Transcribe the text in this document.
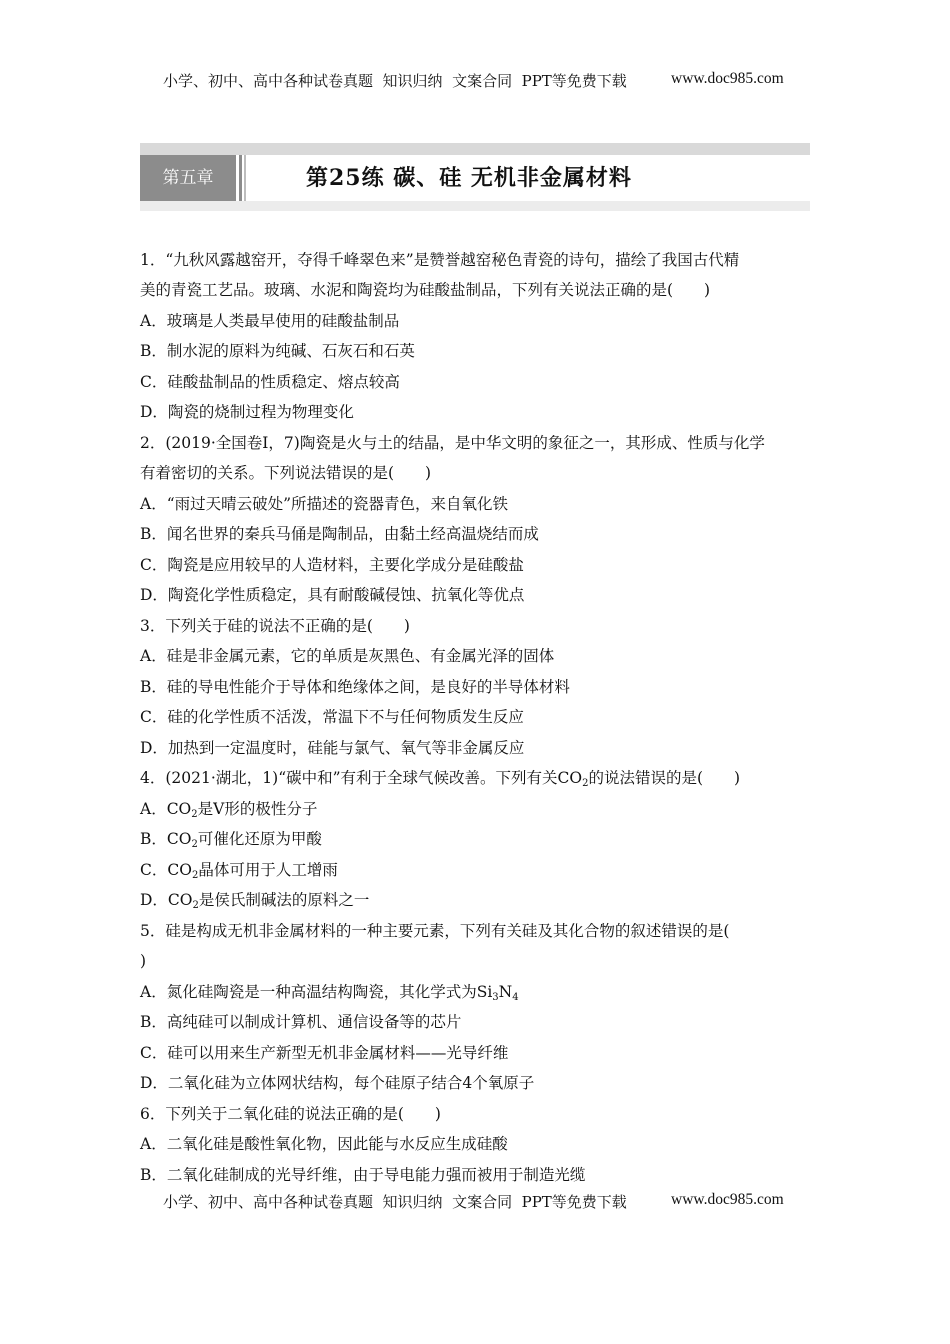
小学、初中、高中各种试卷真题  知识归纳  文案合同  PPT等免费下载

	www.doc985.com

第五章	第25练 碳、硅 无机非金属材料
1．“九秋风露越窑开，夺得千峰翠色来”是赞誉越窑秘色青瓷的诗句，描绘了我国古代精
美的青瓷工艺品。玻璃、水泥和陶瓷均为硅酸盐制品，下列有关说法正确的是(　　)
A．玻璃是人类最早使用的硅酸盐制品
B．制水泥的原料为纯碱、石灰石和石英
C．硅酸盐制品的性质稳定、熔点较高
D．陶瓷的烧制过程为物理变化
2．(2019·全国卷Ⅰ，7)陶瓷是火与土的结晶，是中华文明的象征之一，其形成、性质与化学
有着密切的关系。下列说法错误的是(　　)
A．“雨过天晴云破处”所描述的瓷器青色，来自氧化铁
B．闻名世界的秦兵马俑是陶制品，由黏土经高温烧结而成
C．陶瓷是应用较早的人造材料，主要化学成分是硅酸盐
D．陶瓷化学性质稳定，具有耐酸碱侵蚀、抗氧化等优点
3．下列关于硅的说法不正确的是(　　)
A．硅是非金属元素，它的单质是灰黑色、有金属光泽的固体
B．硅的导电性能介于导体和绝缘体之间，是良好的半导体材料
C．硅的化学性质不活泼，常温下不与任何物质发生反应
D．加热到一定温度时，硅能与氯气、氧气等非金属反应
4．(2021·湖北，1)“碳中和”有利于全球气候改善。下列有关$CO_2$的说法错误的是(　　)
A．$CO_2$是V形的极性分子
B．$CO_2$可催化还原为甲酸
C．$CO_2$晶体可用于人工增雨
D．$CO_2$是侯氏制碱法的原料之一
5．硅是构成无机非金属材料的一种主要元素，下列有关硅及其化合物的叙述错误的是(
)
A．氮化硅陶瓷是一种高温结构陶瓷，其化学式为$Si_3N_4$
B．高纯硅可以制成计算机、通信设备等的芯片
C．硅可以用来生产新型无机非金属材料——光导纤维
D．二氧化硅为立体网状结构，每个硅原子结合4个氧原子
6．下列关于二氧化硅的说法正确的是(　　)
A．二氧化硅是酸性氧化物，因此能与水反应生成硅酸
B．二氧化硅制成的光导纤维，由于导电能力强而被用于制造光缆

小学、初中、高中各种试卷真题  知识归纳  文案合同  PPT等免费下载

	www.doc985.com
